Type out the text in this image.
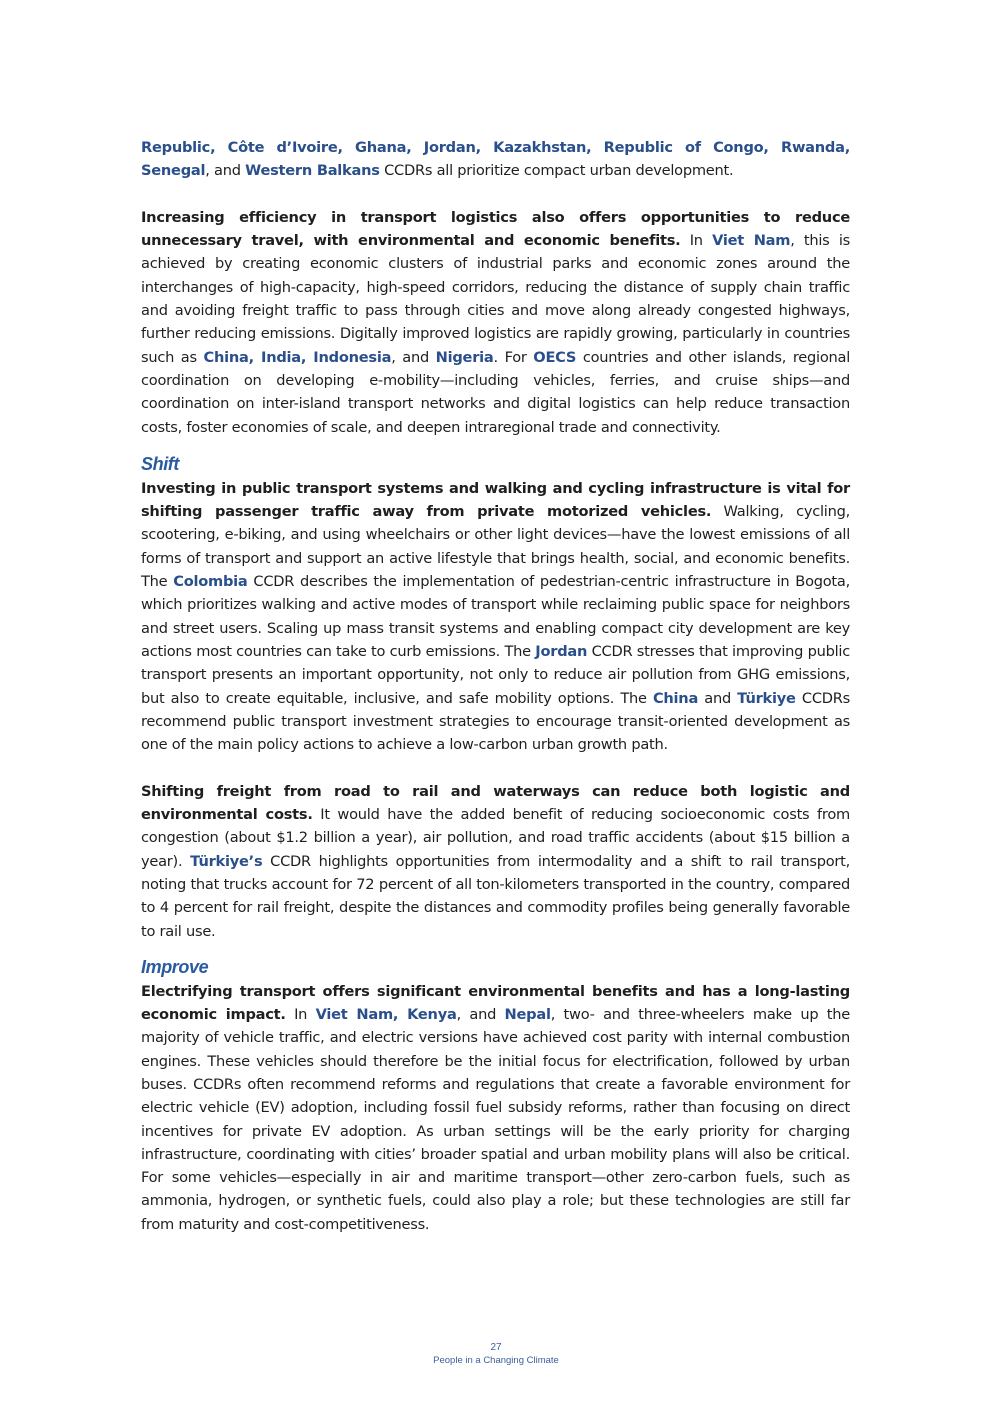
Republic, Côte d’Ivoire, Ghana, Jordan, Kazakhstan, Republic of Congo, Rwanda, Senegal, and Western Balkans CCDRs all prioritize compact urban development.

Increasing efficiency in transport logistics also offers opportunities to reduce unnecessary travel, with environmental and economic benefits. In Viet Nam, this is achieved by creating economic clusters of industrial parks and economic zones around the interchanges of high-capacity, high-speed corridors, reducing the distance of supply chain traffic and avoiding freight traffic to pass through cities and move along already congested highways, further reducing emissions. Digitally improved logistics are rapidly growing, particularly in countries such as China, India, Indonesia, and Nigeria. For OECS countries and other islands, regional coordination on developing e-mobility—including vehicles, ferries, and cruise ships—and coordination on inter-island transport networks and digital logistics can help reduce transaction costs, foster economies of scale, and deepen intraregional trade and connectivity.

Shift

Investing in public transport systems and walking and cycling infrastructure is vital for shifting passenger traffic away from private motorized vehicles. Walking, cycling, scootering, e-biking, and using wheelchairs or other light devices—have the lowest emissions of all forms of transport and support an active lifestyle that brings health, social, and economic benefits. The Colombia CCDR describes the implementation of pedestrian-centric infrastructure in Bogota, which prioritizes walking and active modes of transport while reclaiming public space for neighbors and street users. Scaling up mass transit systems and enabling compact city development are key actions most countries can take to curb emissions. The Jordan CCDR stresses that improving public transport presents an important opportunity, not only to reduce air pollution from GHG emissions, but also to create equitable, inclusive, and safe mobility options. The China and Türkiye CCDRs recommend public transport investment strategies to encourage transit-oriented development as one of the main policy actions to achieve a low-carbon urban growth path.

Shifting freight from road to rail and waterways can reduce both logistic and environmental costs. It would have the added benefit of reducing socioeconomic costs from congestion (about $1.2 billion a year), air pollution, and road traffic accidents (about $15 billion a year). Türkiye’s CCDR highlights opportunities from intermodality and a shift to rail transport, noting that trucks account for 72 percent of all ton-kilometers transported in the country, compared to 4 percent for rail freight, despite the distances and commodity profiles being generally favorable to rail use.

Improve

Electrifying transport offers significant environmental benefits and has a long-lasting economic impact. In Viet Nam, Kenya, and Nepal, two- and three-wheelers make up the majority of vehicle traffic, and electric versions have achieved cost parity with internal combustion engines. These vehicles should therefore be the initial focus for electrification, followed by urban buses. CCDRs often recommend reforms and regulations that create a favorable environment for electric vehicle (EV) adoption, including fossil fuel subsidy reforms, rather than focusing on direct incentives for private EV adoption. As urban settings will be the early priority for charging infrastructure, coordinating with cities’ broader spatial and urban mobility plans will also be critical. For some vehicles—especially in air and maritime transport—other zero-carbon fuels, such as ammonia, hydrogen, or synthetic fuels, could also play a role; but these technologies are still far from maturity and cost-competitiveness.

27
People in a Changing Climate
